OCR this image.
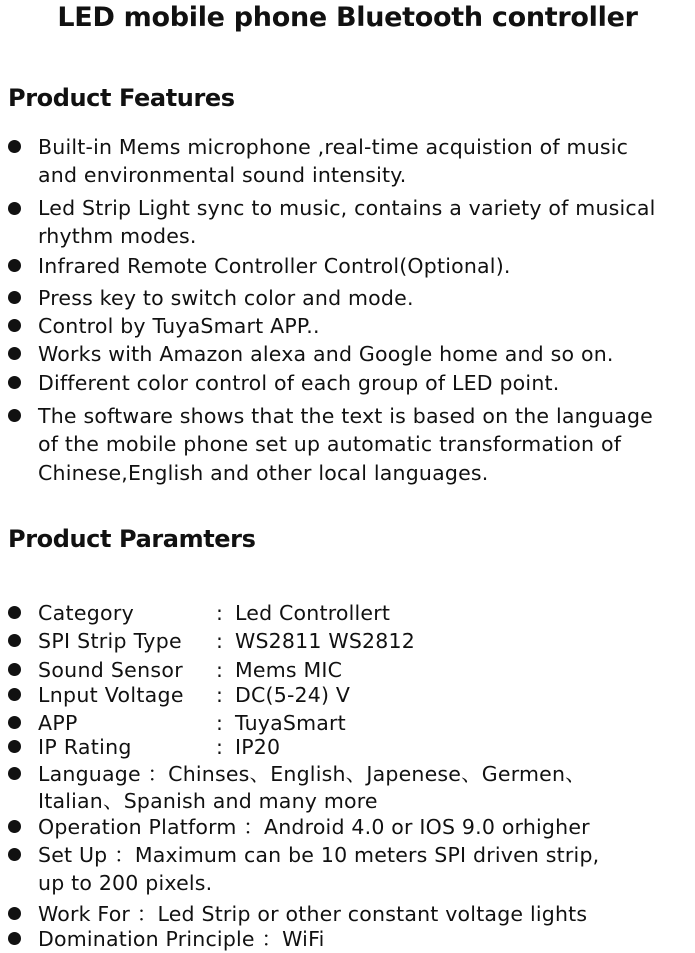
LED mobile phone Bluetooth controller
Product Features
Built-in Mems microphone ,real-time acquistion of music
and environmental sound intensity.
Led Strip Light sync to music, contains a variety of musical
rhythm modes.
Infrared Remote Controller Control(Optional).
Press key to switch color and mode.
Control by TuyaSmart APP..
Works with Amazon alexa and Google home and so on.
Different color control of each group of LED point.
The software shows that the text is based on the language
of the mobile phone set up automatic transformation of
Chinese,English and other local languages.
Product Paramters
Category	: Led Controllert
SPI Strip Type : WS2811 WS2812
Sound Sensor : Mems MIC
Lnput Voltage : DC(5-24) V
APP	: TuyaSmart
IP Rating	: IP20
Language ：Chinses、English、Japenese、Germen、
Italian、Spanish and many more
Operation Platform ：Android 4.0 or IOS 9.0 orhigher
Set Up ：Maximum can be 10 meters SPI driven strip,
up to 200 pixels.
Work For ：Led Strip or other constant voltage lights
Domination Principle ：WiFi
